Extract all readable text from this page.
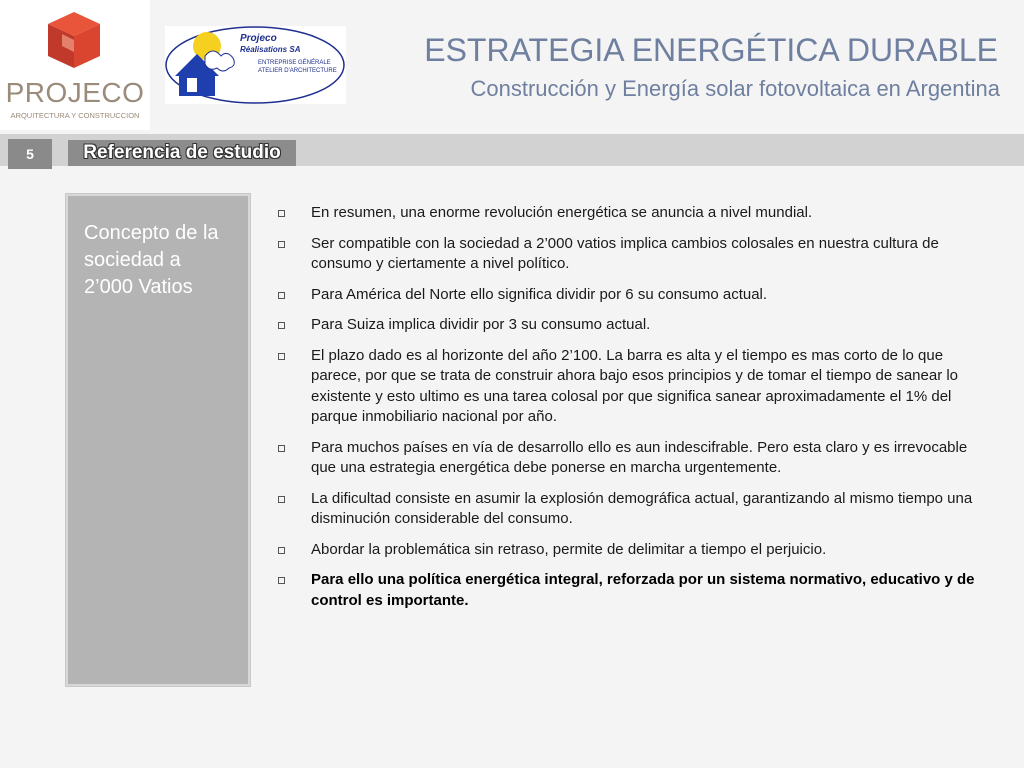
PROJECO
ARQUITECTURA Y CONSTRUCCION
Projeco
Réalisations SA
ENTREPRISE GÉNÉRALE
ATELIER D'ARCHITECTURE
ESTRATEGIA ENERGÉTICA DURABLE
Construcción y Energía solar fotovoltaica en Argentina
5	Referencia de estudio
Concepto de la sociedad a 2’000 Vatios
En resumen, una enorme revolución energética se anuncia a nivel mundial.
Ser compatible con la sociedad a 2’000 vatios implica cambios colosales en nuestra cultura de consumo y ciertamente a nivel político.
Para América del Norte ello significa dividir por 6 su consumo actual.
Para Suiza implica dividir por 3 su consumo actual.
El plazo dado es al horizonte del año 2’100. La barra es alta y el tiempo es mas corto de lo que parece, por que se trata de construir ahora bajo esos principios y de tomar el tiempo de sanear lo existente y esto ultimo es una tarea colosal por que significa sanear aproximadamente el 1% del parque inmobiliario nacional por año.
Para muchos países en vía de desarrollo ello es aun indescifrable. Pero esta claro y es irrevocable que una estrategia energética debe ponerse en marcha urgentemente.
La dificultad consiste en asumir la explosión demográfica actual, garantizando al mismo tiempo una disminución considerable del consumo.
Abordar la problemática sin retraso, permite de delimitar a tiempo el perjuicio.
Para ello una política energética integral, reforzada por un sistema normativo, educativo y de control es importante.
